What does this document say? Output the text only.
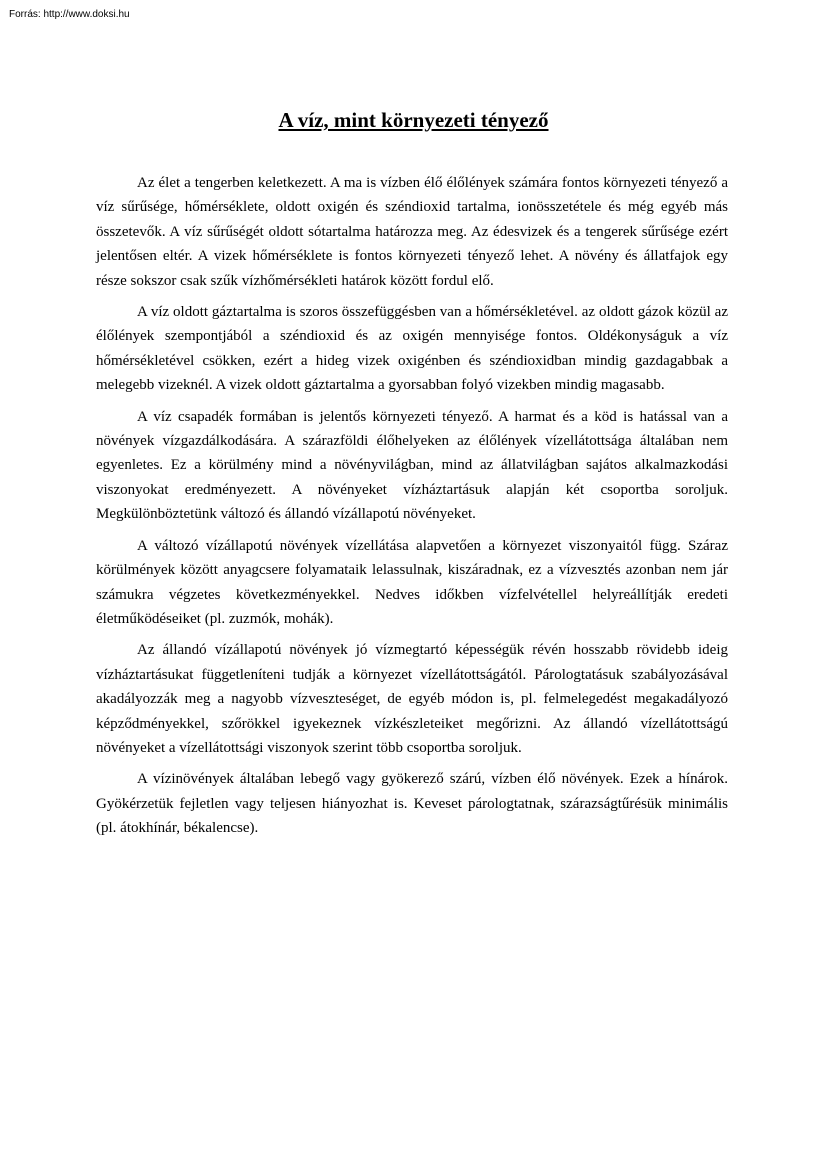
Forrás: http://www.doksi.hu
A víz, mint környezeti tényező

Az élet a tengerben keletkezett. A ma is vízben élő élőlények számára fontos környezeti tényező a víz sűrűsége, hőmérséklete, oldott oxigén és széndioxid tartalma, ionösszetétele és még egyéb más összetevők. A víz sűrűségét oldott sótartalma határozza meg. Az édesvizek és a tengerek sűrűsége ezért jelentősen eltér. A vizek hőmérséklete is fontos környezeti tényező lehet. A növény és állatfajok egy része sokszor csak szűk vízhőmérsékleti határok között fordul elő.

A víz oldott gáztartalma is szoros összefüggésben van a hőmérsékletével. az oldott gázok közül az élőlények szempontjából a széndioxid és az oxigén mennyisége fontos. Oldékonyságuk a víz hőmérsékletével csökken, ezért a hideg vizek oxigénben és széndioxidban mindig gazdagabbak a melegebb vizeknél. A vizek oldott gáztartalma a gyorsabban folyó vizekben mindig magasabb.

A víz csapadék formában is jelentős környezeti tényező. A harmat és a köd is hatással van a növények vízgazdálkodására. A szárazföldi élőhelyeken az élőlények vízellátottsága általában nem egyenletes. Ez a körülmény mind a növényvilágban, mind az állatvilágban sajátos alkalmazkodási viszonyokat eredményezett. A növényeket vízháztartásuk alapján két csoportba soroljuk. Megkülönböztetünk változó és állandó vízállapotú növényeket.

A változó vízállapotú növények vízellátása alapvetően a környezet viszonyaitól függ. Száraz körülmények között anyagcsere folyamataik lelassulnak, kiszáradnak, ez a vízvesztés azonban nem jár számukra végzetes következményekkel. Nedves időkben vízfelvétellel helyreállítják eredeti életműködéseiket (pl. zuzmók, mohák).

Az állandó vízállapotú növények jó vízmegtartó képességük révén hosszabb rövidebb ideig vízháztartásukat függetleníteni tudják a környezet vízellátottságától. Párologtatásuk szabályozásával akadályozzák meg a nagyobb vízveszteséget, de egyéb módon is, pl. felmelegedést megakadályozó képződményekkel, szőrökkel igyekeznek vízkészleteiket megőrizni. Az állandó vízellátottságú növényeket a vízellátottsági viszonyok szerint több csoportba soroljuk.

A vízinövények általában lebegő vagy gyökerező szárú, vízben élő növények. Ezek a hínárok. Gyökérzetük fejletlen vagy teljesen hiányozhat is. Keveset párologtatnak, szárazságtűrésük minimális (pl. átokhínár, békalencse).
